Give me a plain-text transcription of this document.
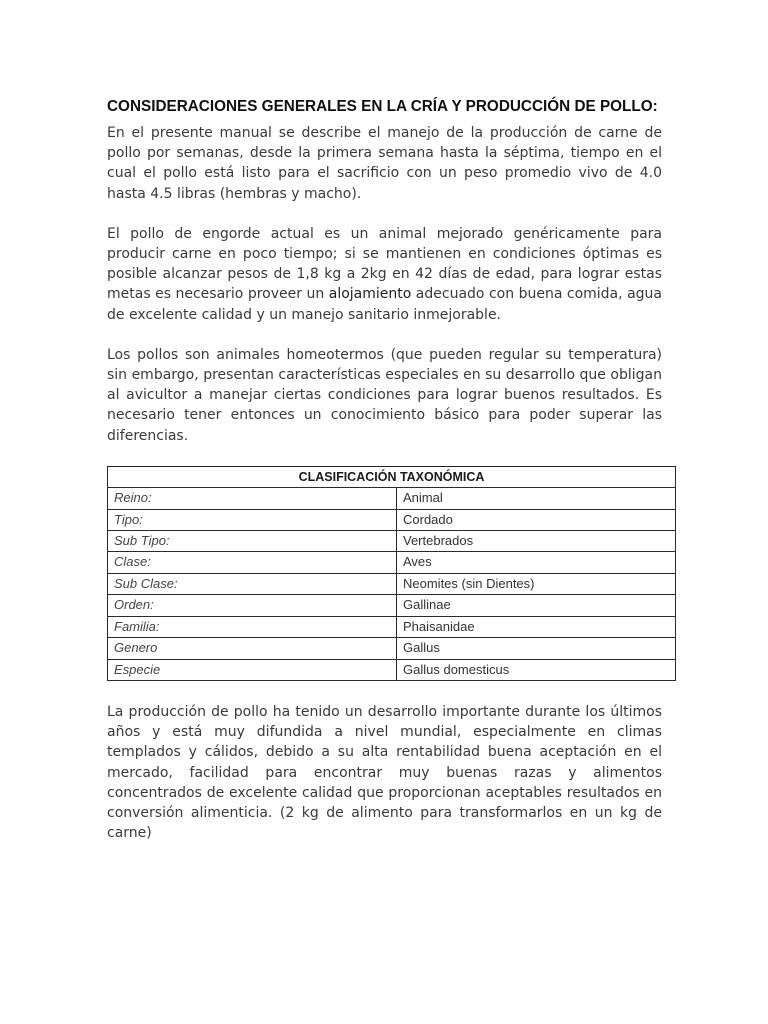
CONSIDERACIONES GENERALES EN LA CRÍA Y PRODUCCIÓN DE POLLO:

En el presente manual se describe el manejo de la producción de carne de pollo por semanas, desde la primera semana hasta la séptima, tiempo en el cual el pollo está listo para el sacrificio con un peso promedio vivo de 4.0 hasta 4.5 libras (hembras y macho).

El pollo de engorde actual es un animal mejorado genéricamente para producir carne en poco tiempo; si se mantienen en condiciones óptimas es posible alcanzar pesos de 1,8 kg a 2kg en 42 días de edad, para lograr estas metas es necesario proveer un alojamiento adecuado con buena comida, agua de excelente calidad y un manejo sanitario inmejorable.

Los pollos son animales homeotermos (que pueden regular su temperatura) sin embargo, presentan características especiales en su desarrollo que obligan al avicultor a manejar ciertas condiciones para lograr buenos resultados. Es necesario tener entonces un conocimiento básico para poder superar las diferencias.

CLASIFICACIÓN TAXONÓMICA	
Reino:	Animal
Tipo:	Cordado
Sub Tipo:	Vertebrados
Clase:	Aves
Sub Clase:	Neomites (sin Dientes)
Orden:	Gallinae
Familia:	Phaisanidae
Genero	Gallus
Especie	Gallus domesticus

La producción de pollo ha tenido un desarrollo importante durante los últimos años y está muy difundida a nivel mundial, especialmente en climas templados y cálidos, debido a su alta rentabilidad buena aceptación en el mercado, facilidad para encontrar muy buenas razas y alimentos concentrados de excelente calidad que proporcionan aceptables resultados en conversión alimenticia. (2 kg de alimento para transformarlos en un kg de carne)
